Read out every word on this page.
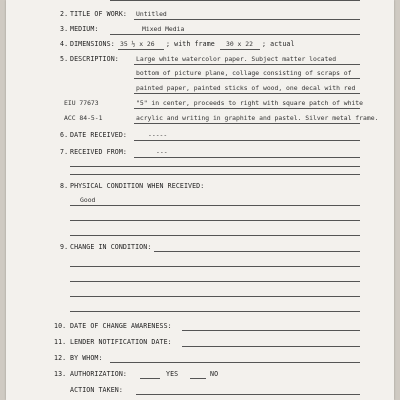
2. TITLE OF WORK: Untitled
3. MEDIUM:	Mixed Media
4. DIMENSIONS: 35 ½ x 26 ; with frame 30 x 22 ; actual
5. DESCRIPTION:	Large white watercolor paper. Subject matter located
bottom of picture plane, collage consisting of scraps of
painted paper, painted sticks of wood, one decal with red
EIU 77673	"5" in center, proceeds to right with square patch of white
ACC 84-5-1	acrylic and writing in graphite and pastel. Silver metal frame.
6. DATE RECEIVED:	-----
7. RECEIVED FROM:	---
8. PHYSICAL CONDITION WHEN RECEIVED:
Good
9. CHANGE IN CONDITION:
10. DATE OF CHANGE AWARENESS:
11. LENDER NOTIFICATION DATE:
12. BY WHOM:
13. AUTHORIZATION:	YES	NO
ACTION TAKEN:
